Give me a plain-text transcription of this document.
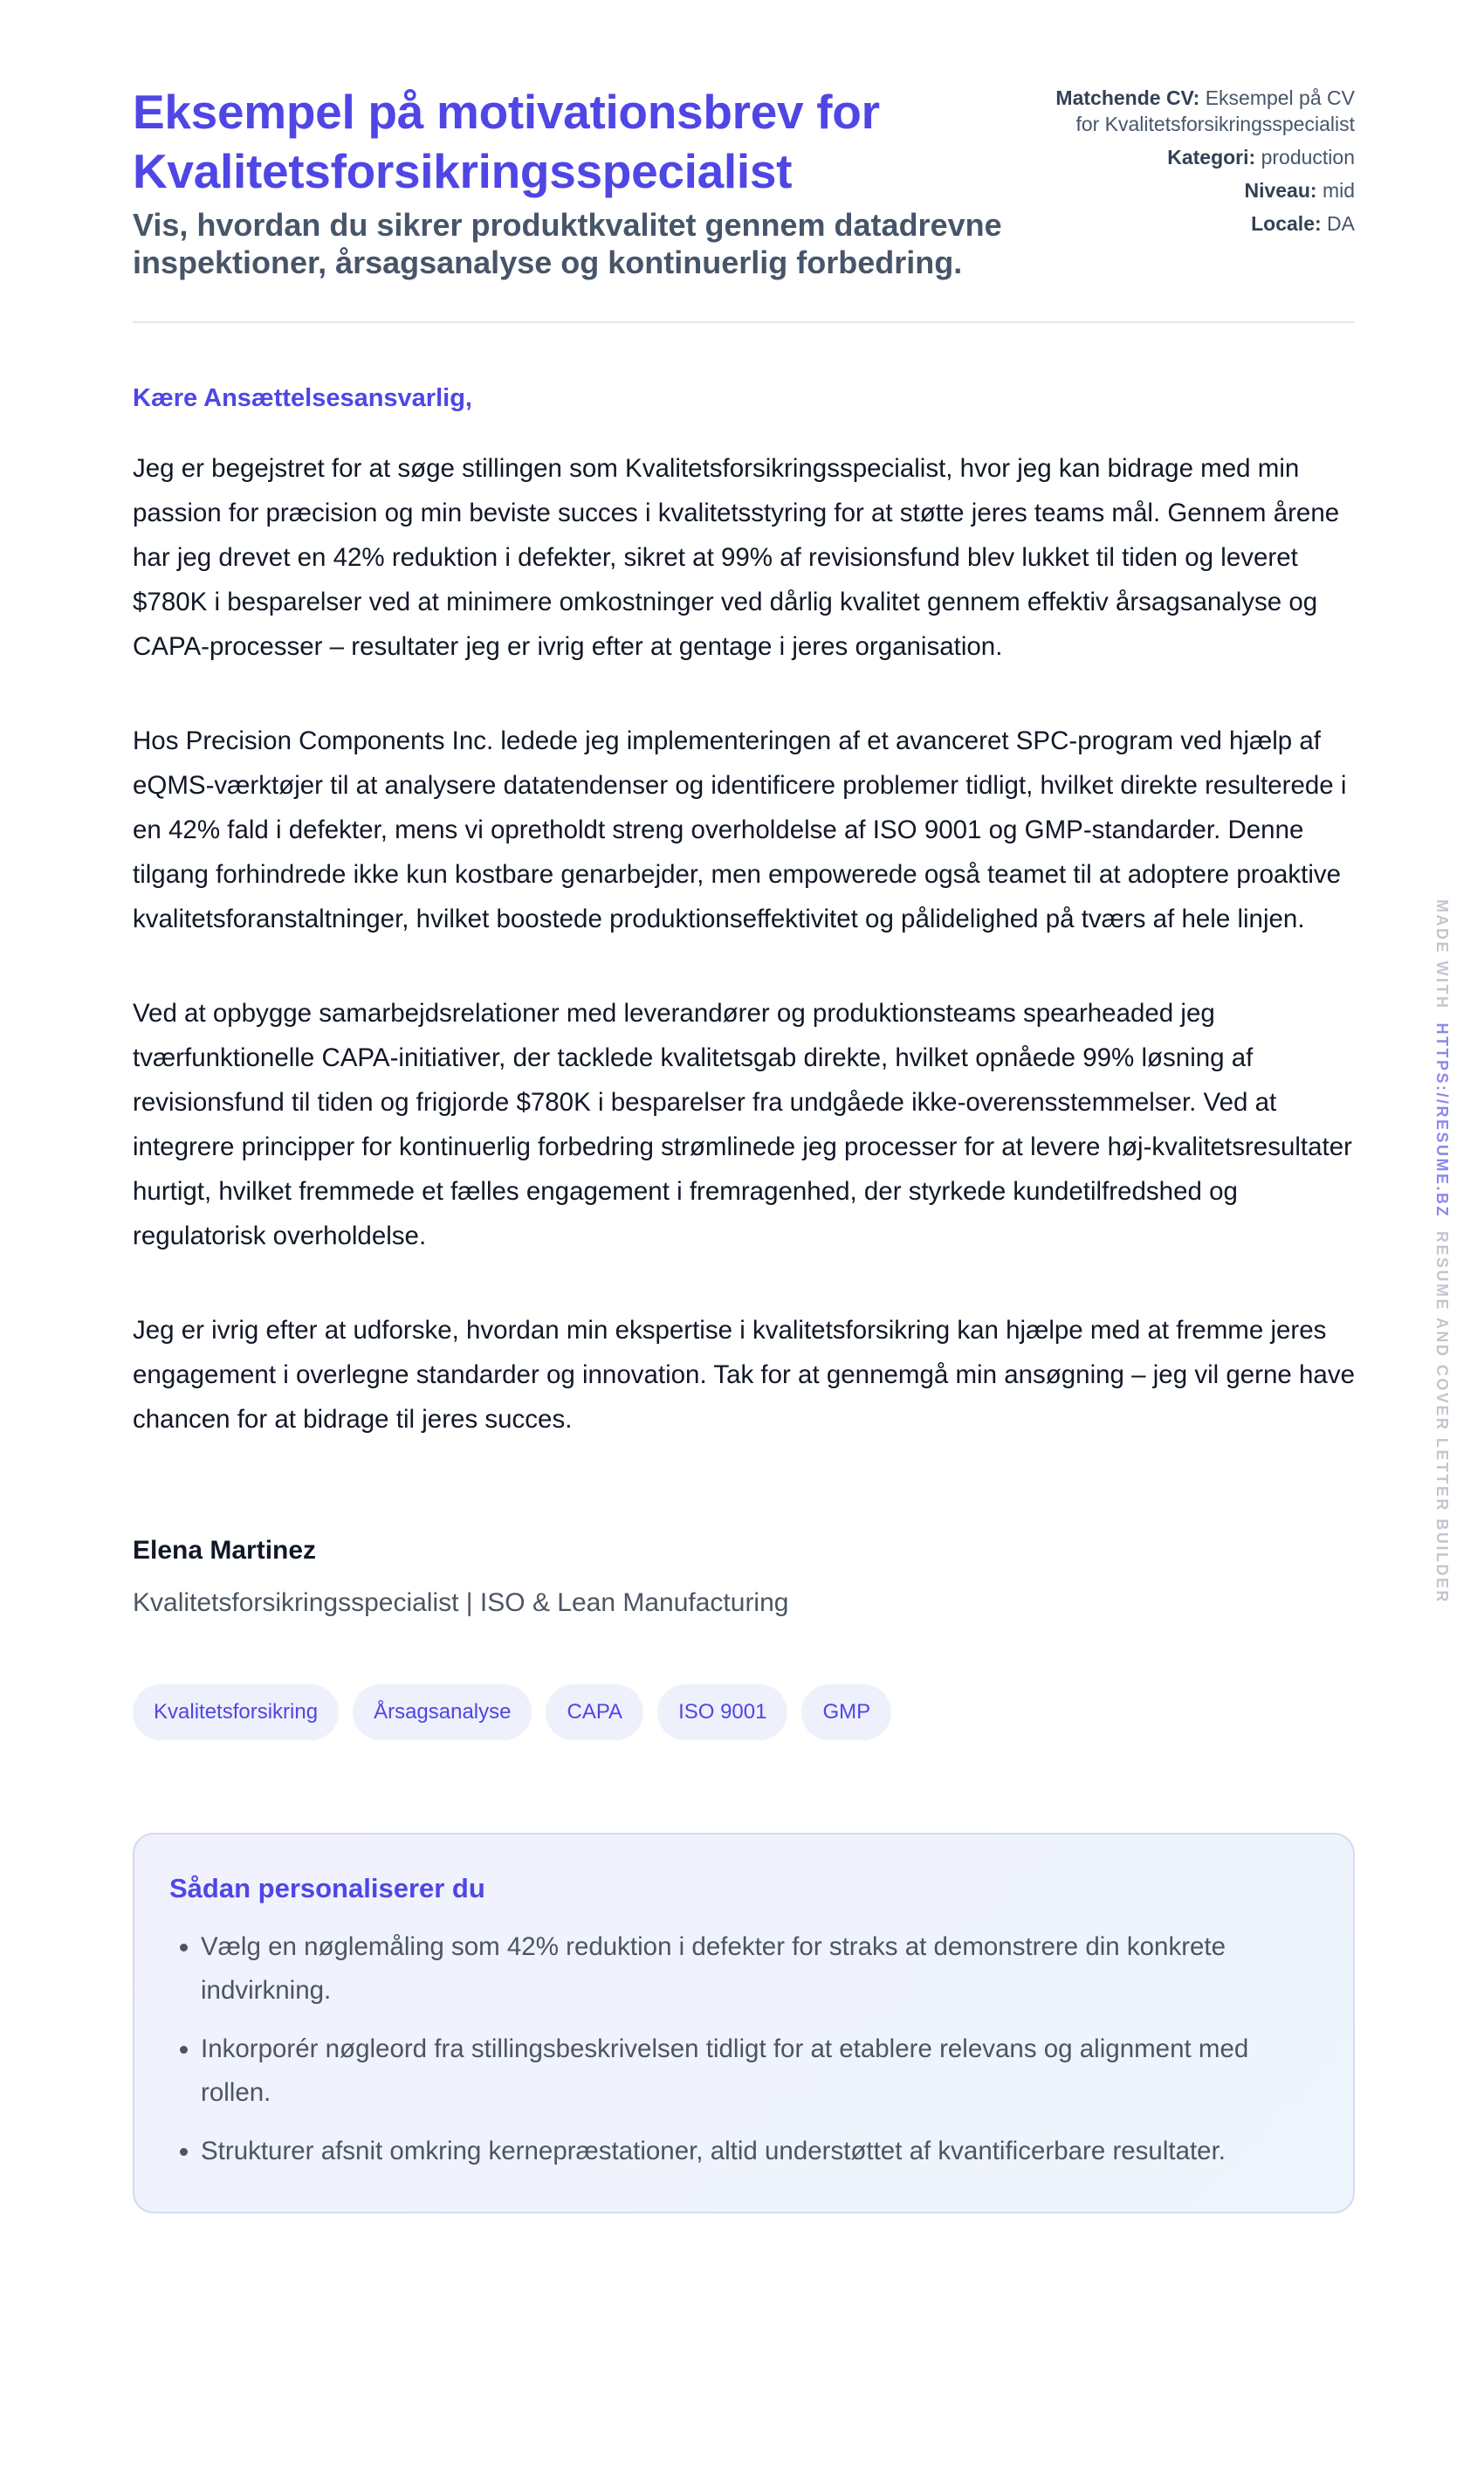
Eksempel på motivationsbrev for Kvalitetsforsikringsspecialist

Vis, hvordan du sikrer produktkvalitet gennem datadrevne inspektioner, årsagsanalyse og kontinuerlig forbedring.

Matchende CV: Eksempel på CV for Kvalitetsforsikringsspecialist
Kategori: production
Niveau: mid
Locale: DA

Kære Ansættelsesansvarlig,

Jeg er begejstret for at søge stillingen som Kvalitetsforsikringsspecialist, hvor jeg kan bidrage med min passion for præcision og min beviste succes i kvalitetsstyring for at støtte jeres teams mål. Gennem årene har jeg drevet en 42% reduktion i defekter, sikret at 99% af revisionsfund blev lukket til tiden og leveret $780K i besparelser ved at minimere omkostninger ved dårlig kvalitet gennem effektiv årsagsanalyse og CAPA-processer – resultater jeg er ivrig efter at gentage i jeres organisation.

Hos Precision Components Inc. ledede jeg implementeringen af et avanceret SPC-program ved hjælp af eQMS-værktøjer til at analysere datatendenser og identificere problemer tidligt, hvilket direkte resulterede i en 42% fald i defekter, mens vi opretholdt streng overholdelse af ISO 9001 og GMP-standarder. Denne tilgang forhindrede ikke kun kostbare genarbejder, men empowerede også teamet til at adoptere proaktive kvalitetsforanstaltninger, hvilket boostede produktionseffektivitet og pålidelighed på tværs af hele linjen.

Ved at opbygge samarbejdsrelationer med leverandører og produktionsteams spearheaded jeg tværfunktionelle CAPA-initiativer, der tacklede kvalitetsgab direkte, hvilket opnåede 99% løsning af revisionsfund til tiden og frigjorde $780K i besparelser fra undgåede ikke-overensstemmelser. Ved at integrere principper for kontinuerlig forbedring strømlinede jeg processer for at levere høj-kvalitetsresultater hurtigt, hvilket fremmede et fælles engagement i fremragenhed, der styrkede kundetilfredshed og regulatorisk overholdelse.

Jeg er ivrig efter at udforske, hvordan min ekspertise i kvalitetsforsikring kan hjælpe med at fremme jeres engagement i overlegne standarder og innovation. Tak for at gennemgå min ansøgning – jeg vil gerne have chancen for at bidrage til jeres succes.

Elena Martinez
Kvalitetsforsikringsspecialist | ISO & Lean Manufacturing
Kvalitetsforsikring	Årsagsanalyse	CAPA	ISO 9001	GMP
Sådan personaliserer du
• Vælg en nøglemåling som 42% reduktion i defekter for straks at demonstrere din konkrete indvirkning.
• Inkorporér nøgleord fra stillingsbeskrivelsen tidligt for at etablere relevans og alignment med rollen.
• Strukturer afsnit omkring kernepræstationer, altid understøttet af kvantificerbare resultater.
MADE WITH  HTTPS://RESUME.BZ  RESUME AND COVER LETTER BUILDER
